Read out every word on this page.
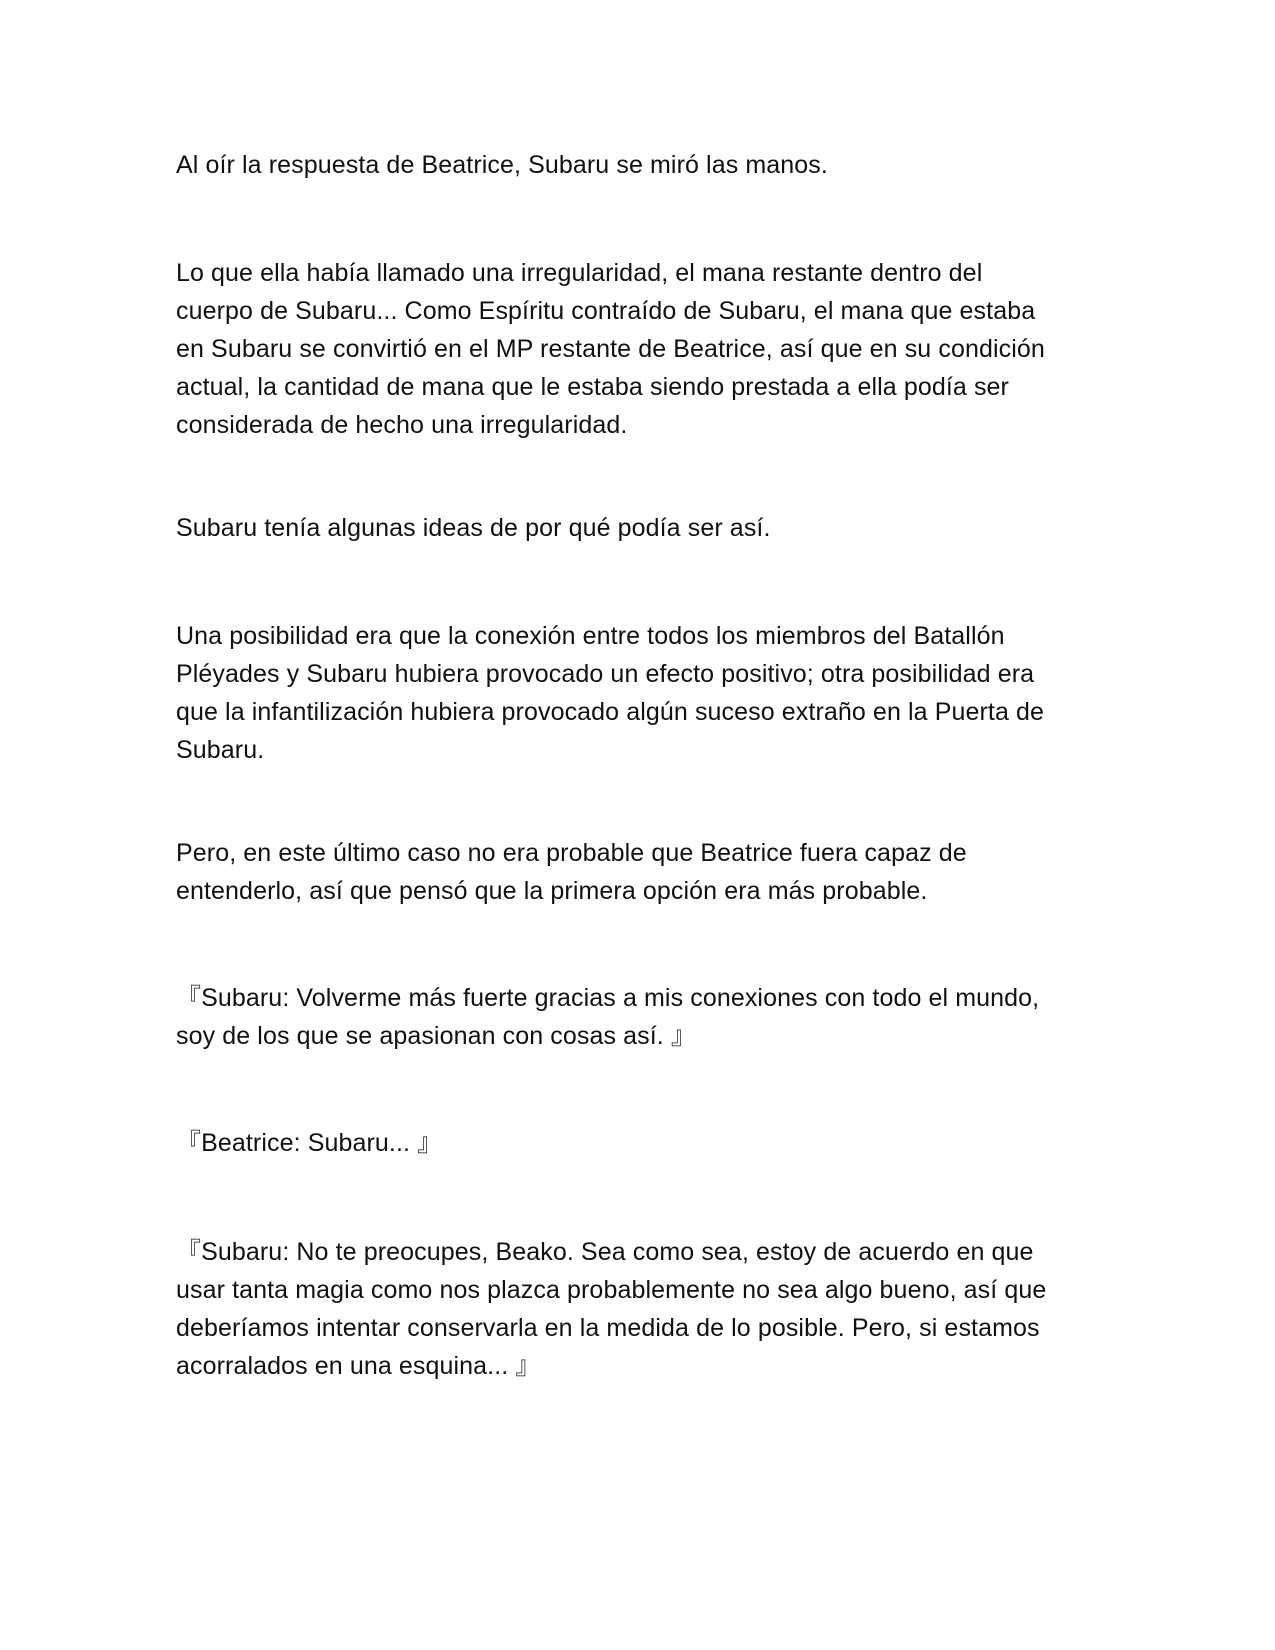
Al oír la respuesta de Beatrice, Subaru se miró las manos.

Lo que ella había llamado una irregularidad, el mana restante dentro del
cuerpo de Subaru... Como Espíritu contraído de Subaru, el mana que estaba
en Subaru se convirtió en el MP restante de Beatrice, así que en su condición
actual, la cantidad de mana que le estaba siendo prestada a ella podía ser
considerada de hecho una irregularidad.

Subaru tenía algunas ideas de por qué podía ser así.

Una posibilidad era que la conexión entre todos los miembros del Batallón
Pléyades y Subaru hubiera provocado un efecto positivo; otra posibilidad era
que la infantilización hubiera provocado algún suceso extraño en la Puerta de
Subaru.

Pero, en este último caso no era probable que Beatrice fuera capaz de
entenderlo, así que pensó que la primera opción era más probable.

『Subaru: Volverme más fuerte gracias a mis conexiones con todo el mundo,
soy de los que se apasionan con cosas así. 』

『Beatrice: Subaru... 』

『Subaru: No te preocupes, Beako. Sea como sea, estoy de acuerdo en que
usar tanta magia como nos plazca probablemente no sea algo bueno, así que
deberíamos intentar conservarla en la medida de lo posible. Pero, si estamos
acorralados en una esquina... 』
